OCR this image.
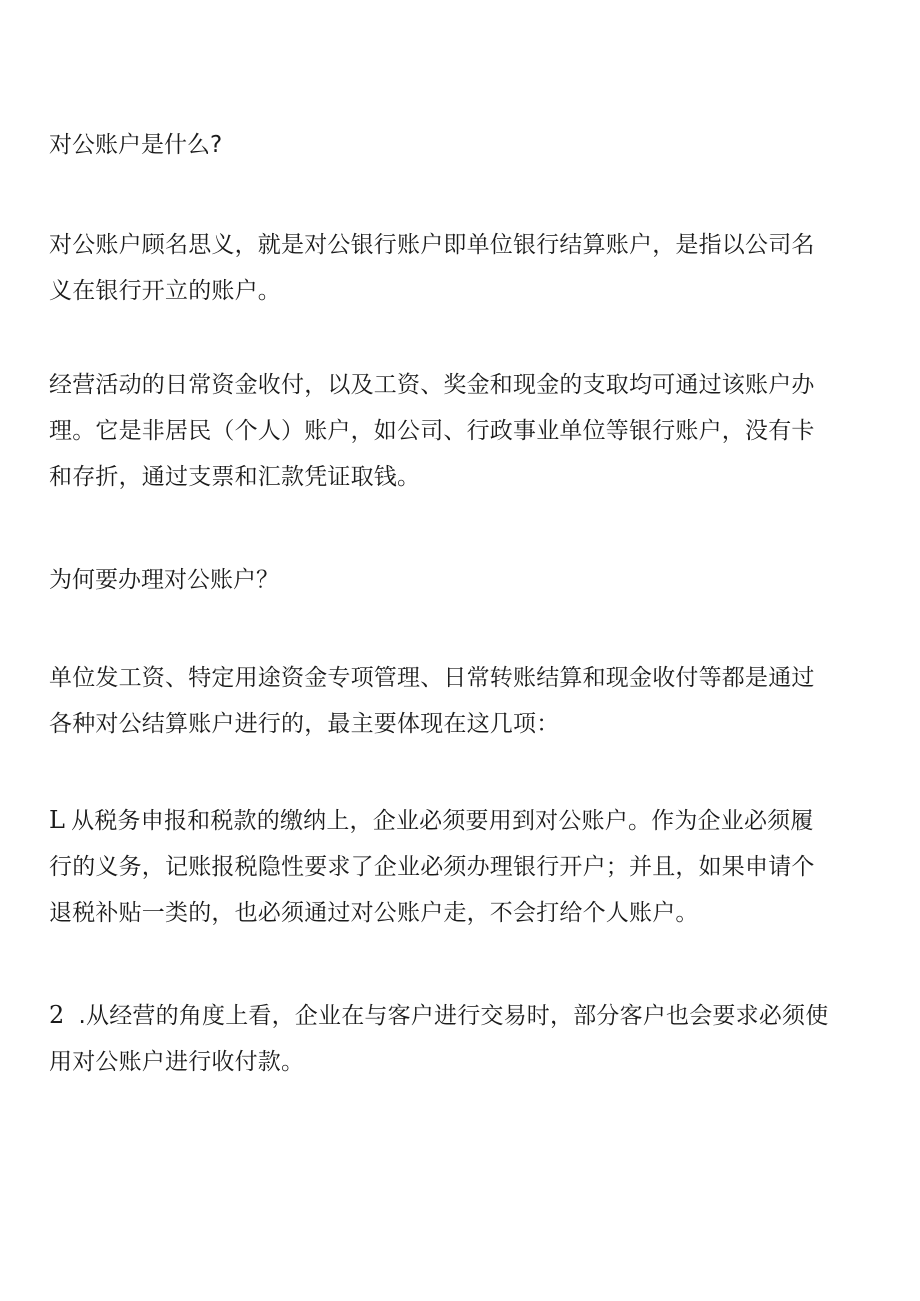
对公账户是什么?
对公账户顾名思义，就是对公银行账户即单位银行结算账户，是指以公司名
义在银行开立的账户。
经营活动的日常资金收付，以及工资、奖金和现金的支取均可通过该账户办
理。它是非居民（个人）账户，如公司、行政事业单位等银行账户，没有卡
和存折，通过支票和汇款凭证取钱。
为何要办理对公账户？
单位发工资、特定用途资金专项管理、日常转账结算和现金收付等都是通过
各种对公结算账户进行的，最主要体现在这几项：
L 从税务申报和税款的缴纳上，企业必须要用到对公账户。作为企业必须履
行的义务，记账报税隐性要求了企业必须办理银行开户；并且，如果申请个
退税补贴一类的，也必须通过对公账户走，不会打给个人账户。
2 .从经营的角度上看，企业在与客户进行交易时，部分客户也会要求必须使
用对公账户进行收付款。
